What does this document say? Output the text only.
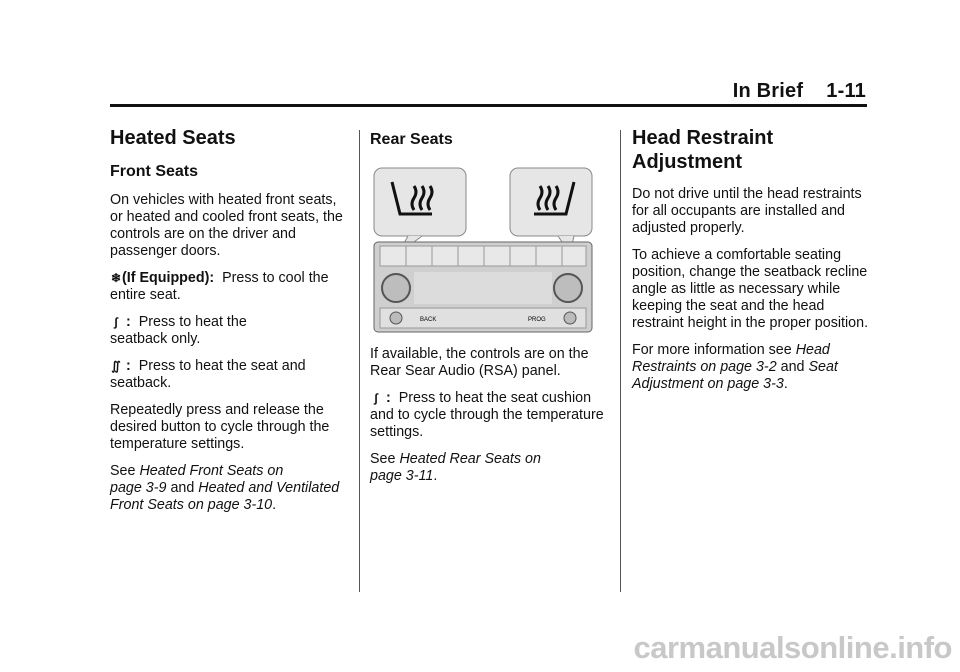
In Brief 1-11
Heated Seats
Front Seats

On vehicles with heated front seats, or heated and cooled front seats, the controls are on the driver and passenger doors.

❄(If Equipped): Press to cool the entire seat.

∫ : Press to heat the
seatback only.

∬ : Press to heat the seat and
seatback.

Repeatedly press and release the desired button to cycle through the temperature settings.

See Heated Front Seats on
page 3-9 and Heated and Ventilated
Front Seats on page 3-10.

Rear Seats
BACK	PROG

If available, the controls are on the Rear Sear Audio (RSA) panel.

∫ : Press to heat the seat cushion and to cycle through the temperature settings.

See Heated Rear Seats on
page 3-11.

Head Restraint
Adjustment

Do not drive until the head restraints for all occupants are installed and adjusted properly.

To achieve a comfortable seating position, change the seatback recline angle as little as necessary while keeping the seat and the head restraint height in the proper position.

For more information see Head
Restraints on page 3-2 and Seat
Adjustment on page 3-3.

carmanualsonline.info
